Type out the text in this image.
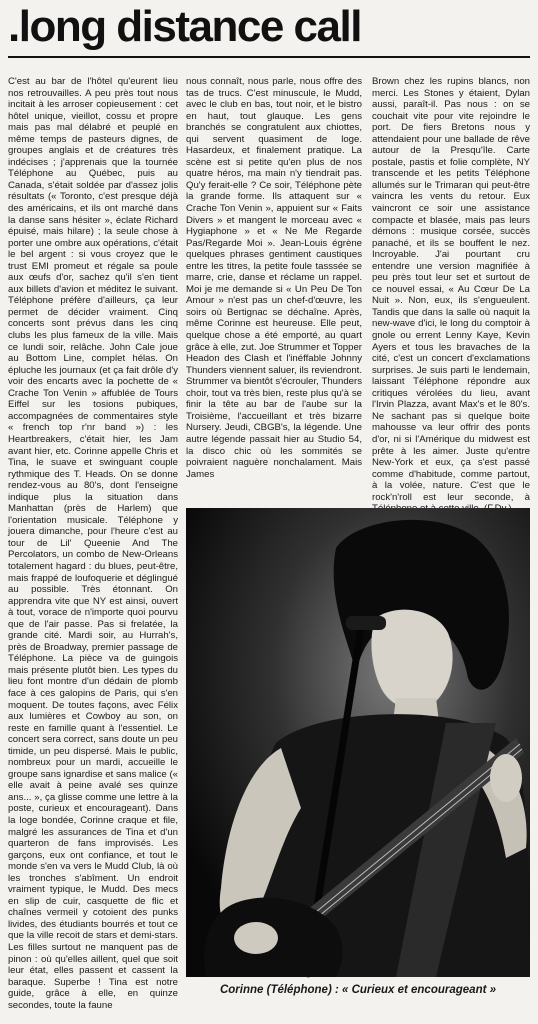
.long distance call

C'est au bar de l'hôtel qu'eurent lieu nos retrouvailles. A peu près tout nous incitait à les arroser copieusement : cet hôtel unique, vieillot, cossu et propre mais pas mal délabré et peuplé en même temps de pasteurs dignes, de groupes anglais et de créatures très indécises ; j'apprenais que la tournée Téléphone au Québec, puis au Canada, s'était soldée par d'assez jolis résultats (« Toronto, c'est presque déjà des américains, et ils ont marché dans la danse sans hésiter », éclate Richard épuisé, mais hilare) ; la seule chose à porter une ombre aux opérations, c'était le bel argent : si vous croyez que le trust EMI promeut et régale sa poule aux œufs d'or, sachez qu'il s'en tient aux billets d'avion et méditez le suivant. Téléphone préfère d'ailleurs, ça leur permet de décider vraiment. Cinq concerts sont prévus dans les cinq clubs les plus fameux de la ville. Mais ce lundi soir, relâche. John Cale joue au Bottom Line, complet hélas. On épluche les journaux (et ça fait drôle d'y voir des encarts avec la pochette de « Crache Ton Venin » affublée de Tours Eiffel sur les tosions pubiques, accompagnées de commentaires style « french top r'nr band ») : les Heartbreakers, c'était hier, les Jam avant hier, etc. Corinne appelle Chris et Tina, le suave et swinguant couple rythmique des T. Heads. On se donne rendez-vous au 80's, dont l'enseigne indique plus la situation dans Manhattan (près de Harlem) que l'orientation musicale. Téléphone y jouera dimanche, pour l'heure c'est au tour de Lil' Queenie And The Percolators, un combo de New-Orleans totalement hagard : du blues, peut-être, mais frappé de loufoquerie et déglingué au possible. Très étonnant. On apprendra vite que NY est ainsi, ouvert à tout, vorace de n'importe quoi pourvu que de l'air passe. Pas si frelatée, la grande cité. Mardi soir, au Hurrah's, près de Broadway, premier passage de Téléphone. La pièce va de guingois mais présente plutôt bien. Les types du lieu font montre d'un dédain de plomb face à ces galopins de Paris, qui s'en moquent. De toutes façons, avec Félix aux lumières et Cowboy au son, on reste en famille quant à l'essentiel. Le concert sera correct, sans doute un peu timide, un peu dispersé. Mais le public, nombreux pour un mardi, accueille le groupe sans ignardise et sans malice (« elle avait à peine avalé ses quinze ans... », ça glisse comme une lettre à la poste, curieux et encourageant). Dans la loge bondée, Corinne craque et file, malgré les assurances de Tina et d'un quarteron de fans improvisés. Les garçons, eux ont confiance, et tout le monde s'en va vers le Mudd Club, là où les tronches s'abîment. Un endroit vraiment typique, le Mudd. Des mecs en slip de cuir, casquette de flic et chaînes vermeil y cotoient des punks livides, des étudiants bourrés et tout ce que la ville recoit de stars et demi-stars. Les filles surtout ne manquent pas de pinon : où qu'elles aillent, quel que soit leur état, elles passent et cassent la baraque. Superbe ! Tina est notre guide, grâce à elle, en quinze secondes, toute la faune

nous connaît, nous parle, nous offre des tas de trucs. C'est minuscule, le Mudd, avec le club en bas, tout noir, et le bistro en haut, tout glauque. Les gens branchés se congratulent aux chiottes, qui servent quasiment de loge. Hasardeux, et finalement pratique. La scène est si petite qu'en plus de nos quatre héros, ma main n'y tiendrait pas. Qu'y ferait-elle ? Ce soir, Téléphone pète la grande forme. Ils attaquent sur « Crache Ton Venin », appuient sur « Faits Divers » et mangent le morceau avec « Hygiaphone » et « Ne Me Regarde Pas/Regarde Moi ». Jean-Louis égrène quelques phrases gentiment caustiques entre les titres, la petite foule tasssée se marre, crie, danse et réclame un rappel. Moi je me demande si « Un Peu De Ton Amour » n'est pas un chef-d'œuvre, les soirs où Bertignac se déchaîne. Après, même Corinne est heureuse. Elle peut, quelque chose a été emporté, au quart grâce à elle, zut. Joe Strummer et Topper Headon des Clash et l'inéffable Johnny Thunders viennent saluer, ils reviendront. Strummer va bientôt s'écrouler, Thunders choir, tout va très bien, reste plus qu'à se finir la tête au bar de l'aube sur la Troisième, l'accueillant et très bizarre Nursery. Jeudi, CBGB's, la légende. Une autre légende passait hier au Studio 54, la disco chic où les sommités se poivraient naguère nonchalament. Mais James

Brown chez les rupins blancs, non merci. Les Stones y étaient, Dylan aussi, paraît-il. Pas nous : on se couchait vite pour vite rejoindre le port. De fiers Bretons nous y attendaient pour une ballade de rêve autour de la Presqu'île. Carte postale, pastis et folie complète, NY transcende et les petits Téléphone allumés sur le Trimaran qui peut-être vaincra les vents du retour. Eux vaincront ce soir une assistance compacte et blasée, mais pas leurs démons : musique corsée, succès panaché, et ils se bouffent le nez. Incroyable. J'ai pourtant cru entendre une version magnifiée à peu près tout leur set et surtout de ce nouvel essai, « Au Cœur De La Nuit ». Non, eux, ils s'engueulent. Tandis que dans la salle où naquit la new-wave d'ici, le long du comptoir à gnole ou errent Lenny Kaye, Kevin Ayers et tous les bravaches de la cité, c'est un concert d'exclamations surprises. Je suis parti le lendemain, laissant Téléphone répondre aux critiques vérolées du lieu, avant l'Irvin Plazza, avant Max's et le 80's. Ne sachant pas si quelque boite mahousse va leur offrir des ponts d'or, ni si l'Amérique du midwest est prête à les aimer. Juste qu'entre New-York et eux, ça s'est passé comme d'habitude, comme partout, à la volée, nature. C'est que le rock'n'roll est leur seconde, à

Corinne (Téléphone) : « Curieux et encourageant »
